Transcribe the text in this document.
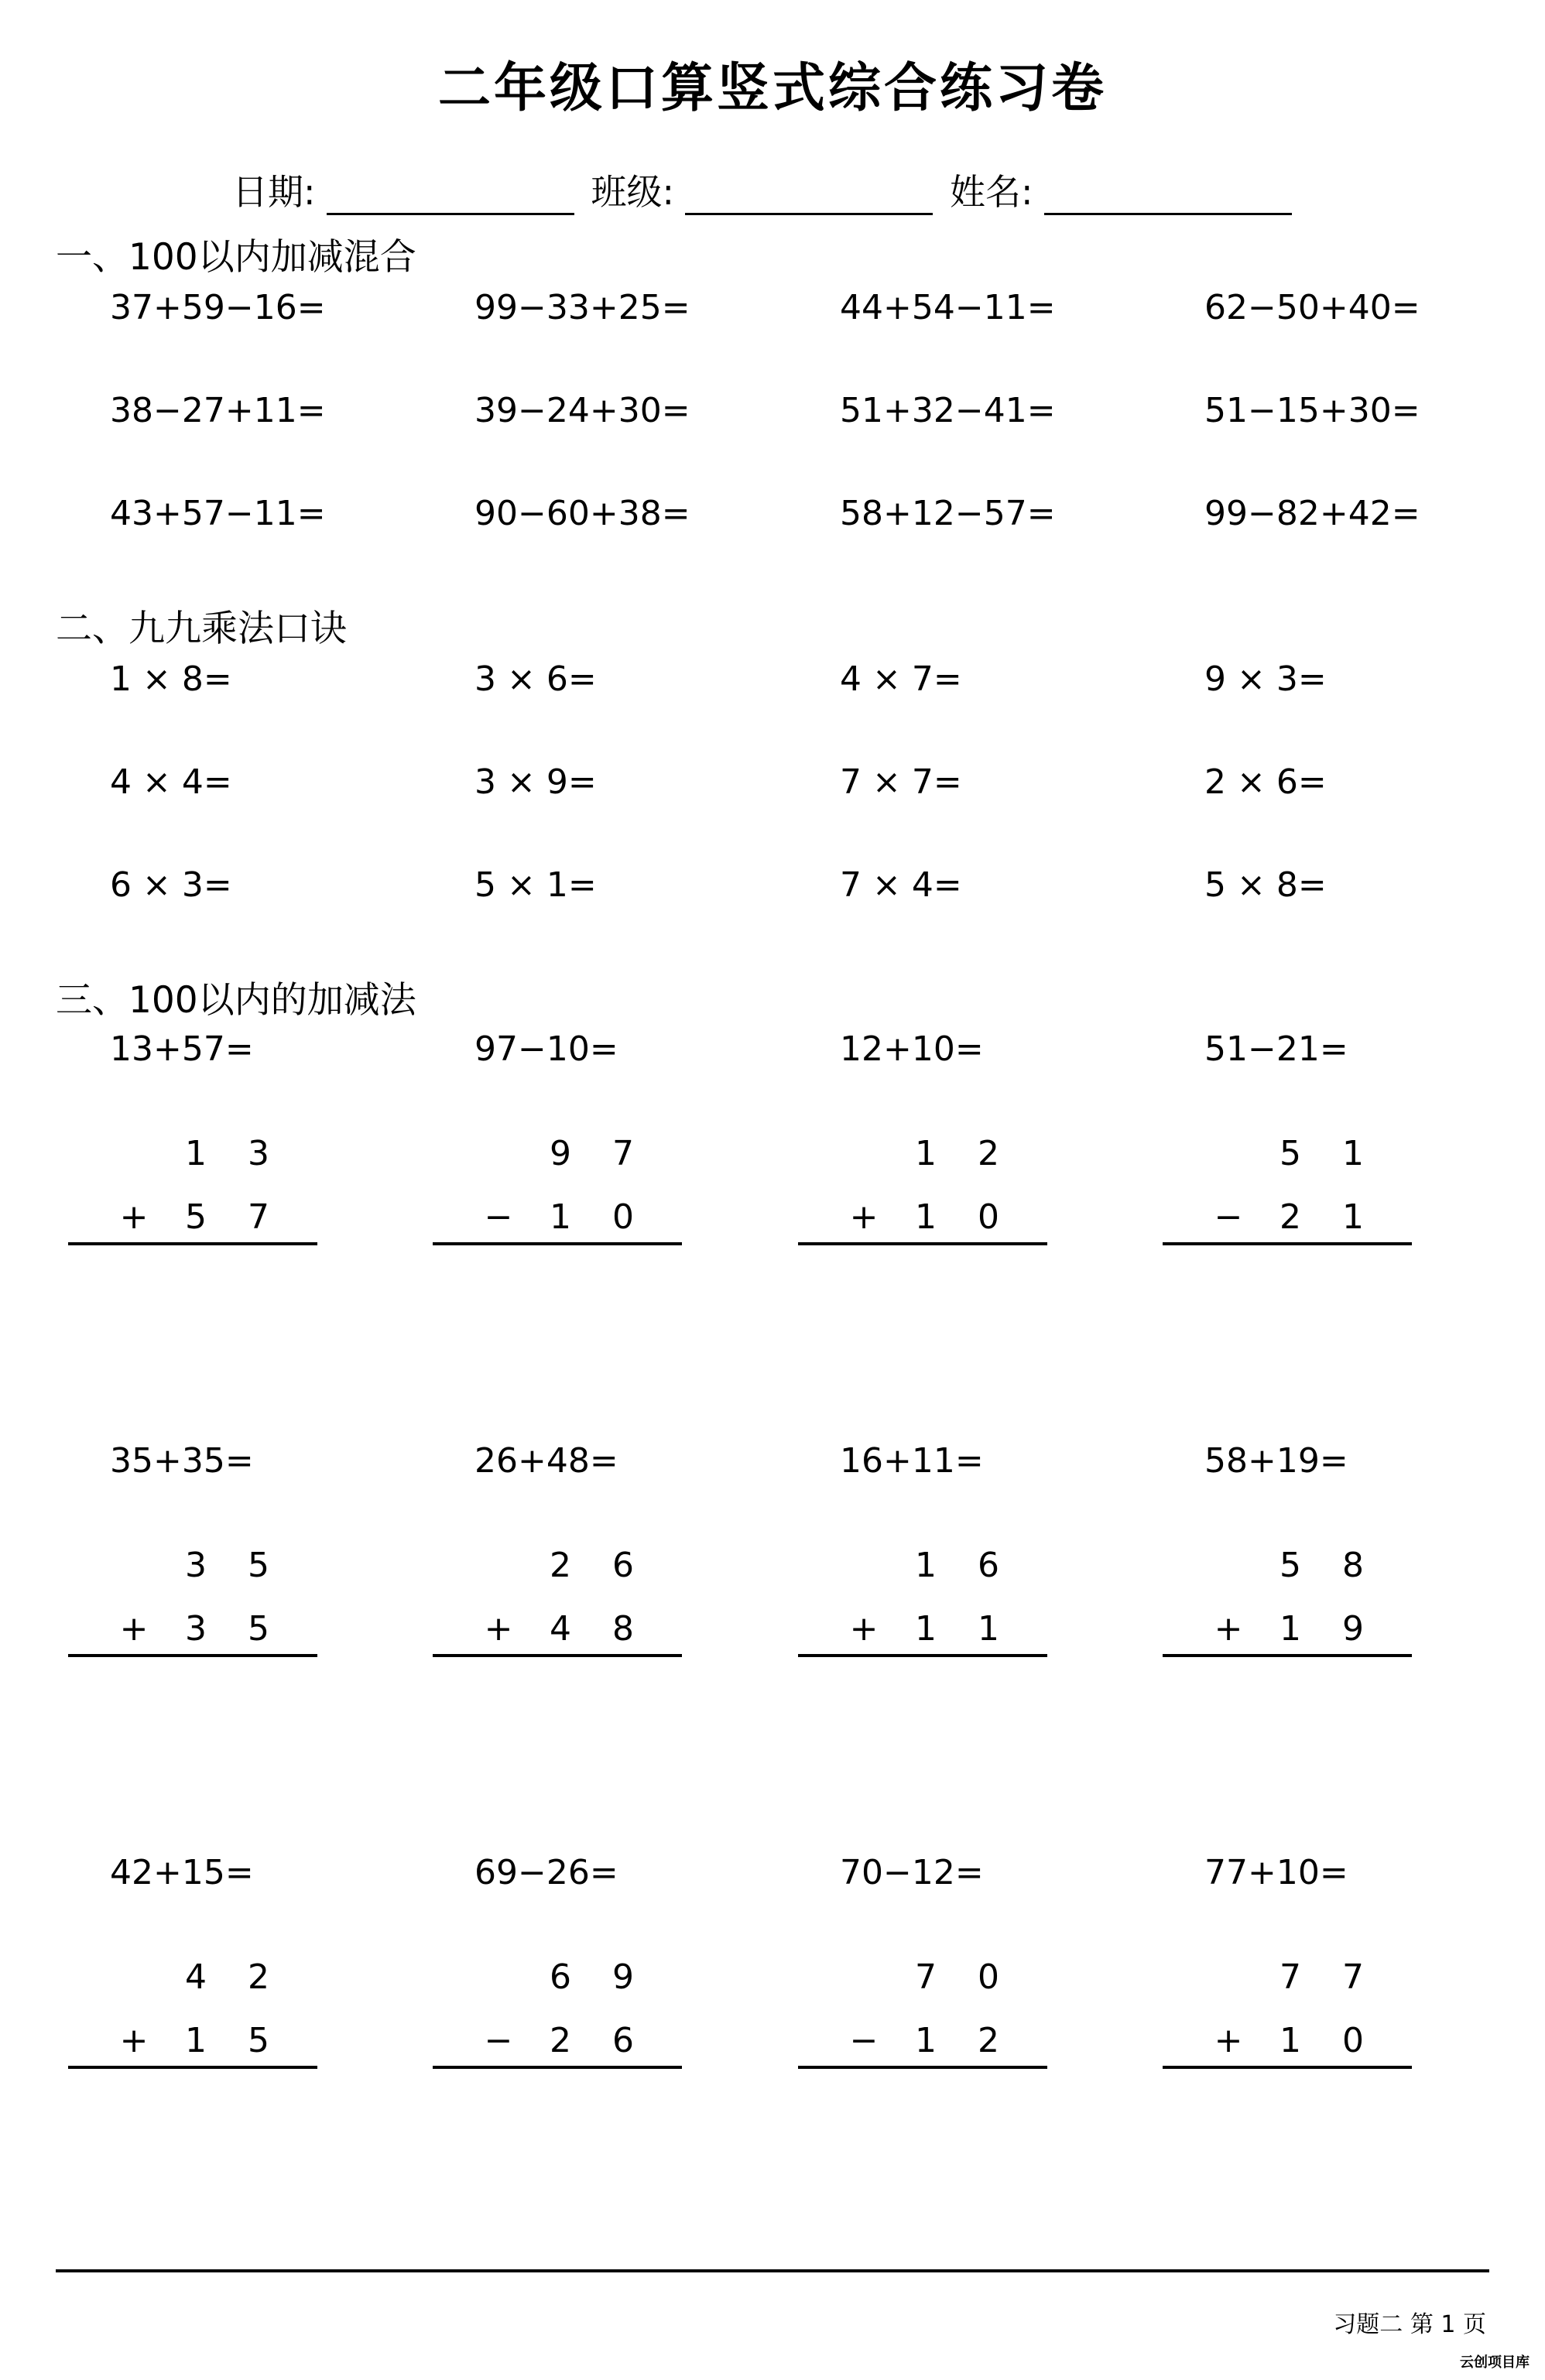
二年级口算竖式综合练习卷
日期:	班级:	姓名:
一、100以内加减混合
二、九九乘法口诀
三、100以内的加减法
37+59−16=	99−33+25=	44+54−11=	62−50+40=
38−27+11=	39−24+30=	51+32−41=	51−15+30=
43+57−11=	90−60+38=	58+12−57=	99−82+42=
1 × 8=	3 × 6=	4 × 7=	9 × 3=
4 × 4=	3 × 9=	7 × 7=	2 × 6=
6 × 3=	5 × 1=	7 × 4=	5 × 8=
13+57=
1 3
+ 5 7
97−10=
9 7
− 1 0
12+10=
1 2
+ 1 0
51−21=
5 1
− 2 1
35+35=
3 5
+ 3 5
26+48=
2 6
+ 4 8
16+11=
1 6
+ 1 1
58+19=
5 8
+ 1 9
42+15=
4 2
+ 1 5
69−26=
6 9
− 2 6
70−12=
7 0
− 1 2
77+10=
7 7
+ 1 0
习题二 第 1 页
云创项目库
